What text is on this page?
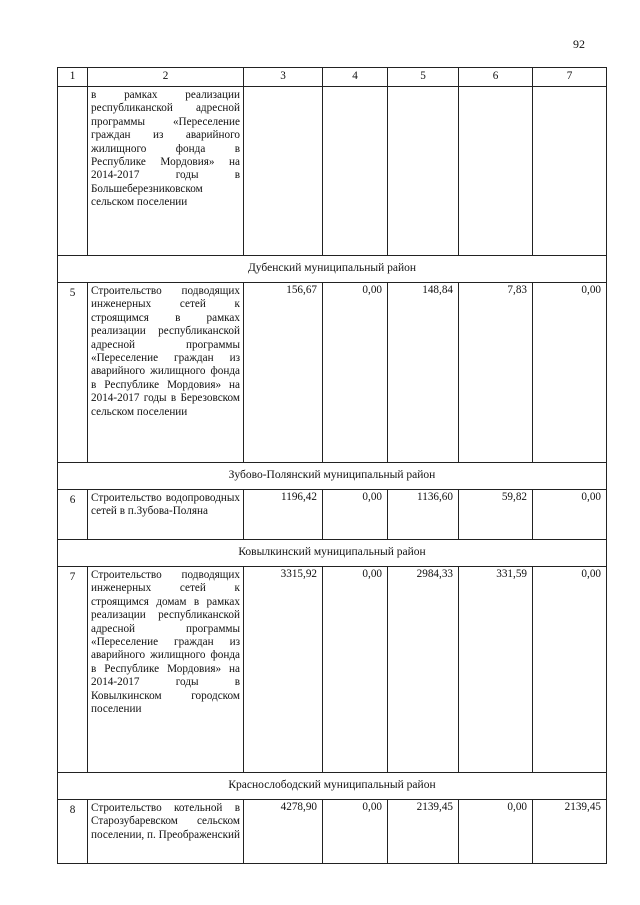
92
1	2	3	4	5	6	7
	в рамках реализации республиканской адресной программы «Переселение граждан из аварийного жилищного фонда в Республике Мордовия» на 2014-2017 годы в Большеберезниковском сельском поселении					
Дубенский муниципальный район						
5	Строительство подводящих инженерных сетей к строящимся в рамках реализации республиканской адресной программы «Переселение граждан из аварийного жилищного фонда в Республике Мордовия» на 2014-2017 годы в Березовском сельском поселении	156,67	0,00	148,84	7,83	0,00
Зубово-Полянский муниципальный район						
6	Строительство водопроводных сетей в п.Зубова-Поляна	1196,42	0,00	1136,60	59,82	0,00
Ковылкинский муниципальный район						
7	Строительство подводящих инженерных сетей к строящимся домам в рамках реализации республиканской адресной программы «Переселение граждан из аварийного жилищного фонда в Республике Мордовия» на 2014-2017 годы в Ковылкинском городском поселении	3315,92	0,00	2984,33	331,59	0,00
Краснослободский муниципальный район						
8	Строительство котельной в Старозубаревском сельском поселении, п. Преображенский	4278,90	0,00	2139,45	0,00	2139,45
